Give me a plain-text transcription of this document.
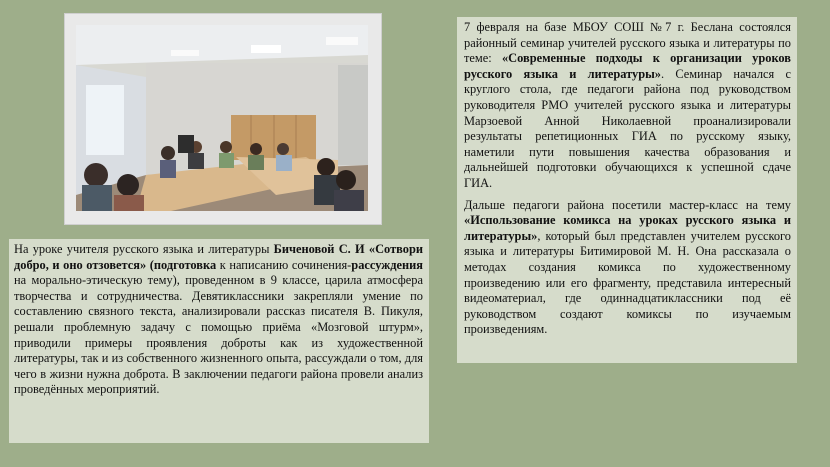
7 февраля на базе МБОУ СОШ №7 г. Беслана состоялся районный семинар учителей русского языка и литературы по теме: «Современные подходы к организации уроков русского языка и литературы». Семинар начался с круглого стола, где педагоги района под руководством руководителя РМО учителей русского языка и литературы Марзоевой Анной Николаевной проанализировали результаты репетиционных ГИА по русскому языку, наметили пути повышения качества образования и дальнейшей подготовки обучающихся к успешной сдаче ГИА.

Дальше педагоги района посетили мастер-класс на тему «Использование комикса на уроках русского языка и литературы», который был представлен учителем русского языка и литературы Битимировой М. Н. Она рассказала о методах создания комикса по художественному произведению или его фрагменту, представила интересный видеоматериал, где одиннадцатиклассники под её руководством создают комиксы по изучаемым произведениям.

На уроке учителя русского языка и литературы Биченовой С. И «Сотвори добро, и оно отзовется» (подготовка к написанию сочинения-рассуждения на морально-этическую тему), проведенном в 9 классе, царила атмосфера творчества и сотрудничества. Девятиклассники закрепляли умение по составлению связного текста, анализировали рассказ писателя В. Пикуля, решали проблемную задачу с помощью приёма «Мозговой штурм», приводили примеры проявления доброты как из художественной литературы, так и из собственного жизненного опыта, рассуждали о том, для чего в жизни нужна доброта. В заключении педагоги района провели анализ проведённых мероприятий.
